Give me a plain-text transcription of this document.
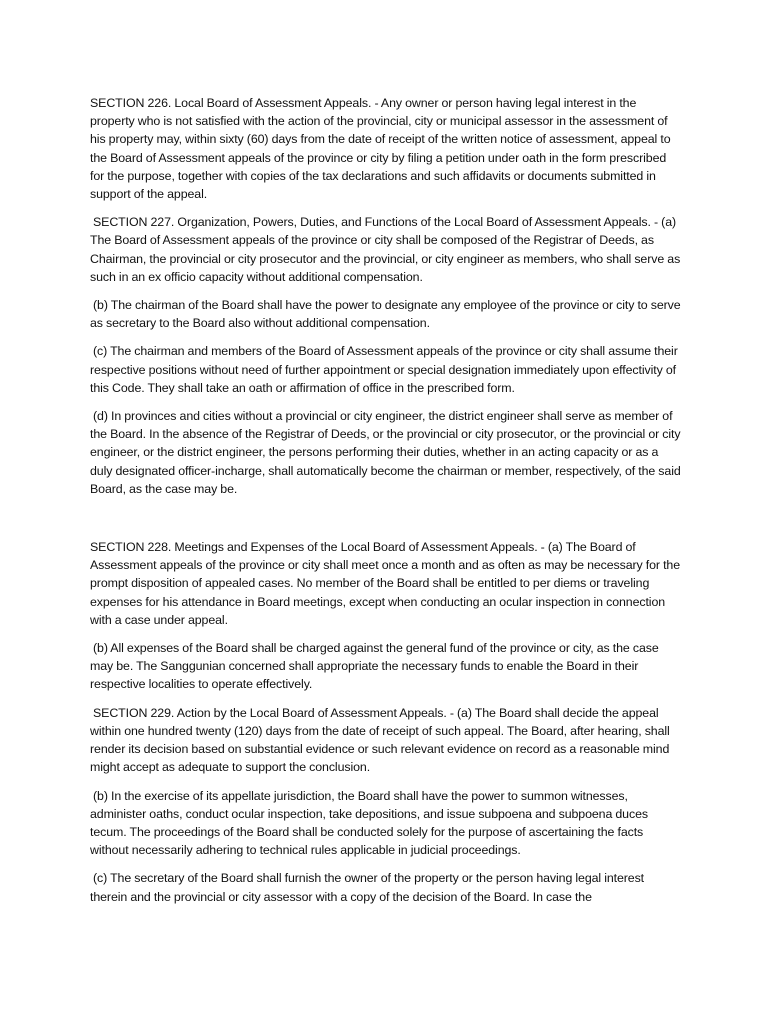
SECTION 226. Local Board of Assessment Appeals. - Any owner or person having legal interest in the property who is not satisfied with the action of the provincial, city or municipal assessor in the assessment of his property may, within sixty (60) days from the date of receipt of the written notice of assessment, appeal to the Board of Assessment appeals of the province or city by filing a petition under oath in the form prescribed for the purpose, together with copies of the tax declarations and such affidavits or documents submitted in support of the appeal.

SECTION 227. Organization, Powers, Duties, and Functions of the Local Board of Assessment Appeals. - (a) The Board of Assessment appeals of the province or city shall be composed of the Registrar of Deeds, as Chairman, the provincial or city prosecutor and the provincial, or city engineer as members, who shall serve as such in an ex officio capacity without additional compensation.

(b) The chairman of the Board shall have the power to designate any employee of the province or city to serve as secretary to the Board also without additional compensation.

(c) The chairman and members of the Board of Assessment appeals of the province or city shall assume their respective positions without need of further appointment or special designation immediately upon effectivity of this Code. They shall take an oath or affirmation of office in the prescribed form.

(d) In provinces and cities without a provincial or city engineer, the district engineer shall serve as member of the Board. In the absence of the Registrar of Deeds, or the provincial or city prosecutor, or the provincial or city engineer, or the district engineer, the persons performing their duties, whether in an acting capacity or as a duly designated officer-incharge, shall automatically become the chairman or member, respectively, of the said Board, as the case may be.

SECTION 228. Meetings and Expenses of the Local Board of Assessment Appeals. - (a) The Board of Assessment appeals of the province or city shall meet once a month and as often as may be necessary for the prompt disposition of appealed cases. No member of the Board shall be entitled to per diems or traveling expenses for his attendance in Board meetings, except when conducting an ocular inspection in connection with a case under appeal.

(b) All expenses of the Board shall be charged against the general fund of the province or city, as the case may be. The Sanggunian concerned shall appropriate the necessary funds to enable the Board in their respective localities to operate effectively.

SECTION 229. Action by the Local Board of Assessment Appeals. - (a) The Board shall decide the appeal within one hundred twenty (120) days from the date of receipt of such appeal. The Board, after hearing, shall render its decision based on substantial evidence or such relevant evidence on record as a reasonable mind might accept as adequate to support the conclusion.

(b) In the exercise of its appellate jurisdiction, the Board shall have the power to summon witnesses, administer oaths, conduct ocular inspection, take depositions, and issue subpoena and subpoena duces tecum. The proceedings of the Board shall be conducted solely for the purpose of ascertaining the facts without necessarily adhering to technical rules applicable in judicial proceedings.

(c) The secretary of the Board shall furnish the owner of the property or the person having legal interest therein and the provincial or city assessor with a copy of the decision of the Board. In case the
